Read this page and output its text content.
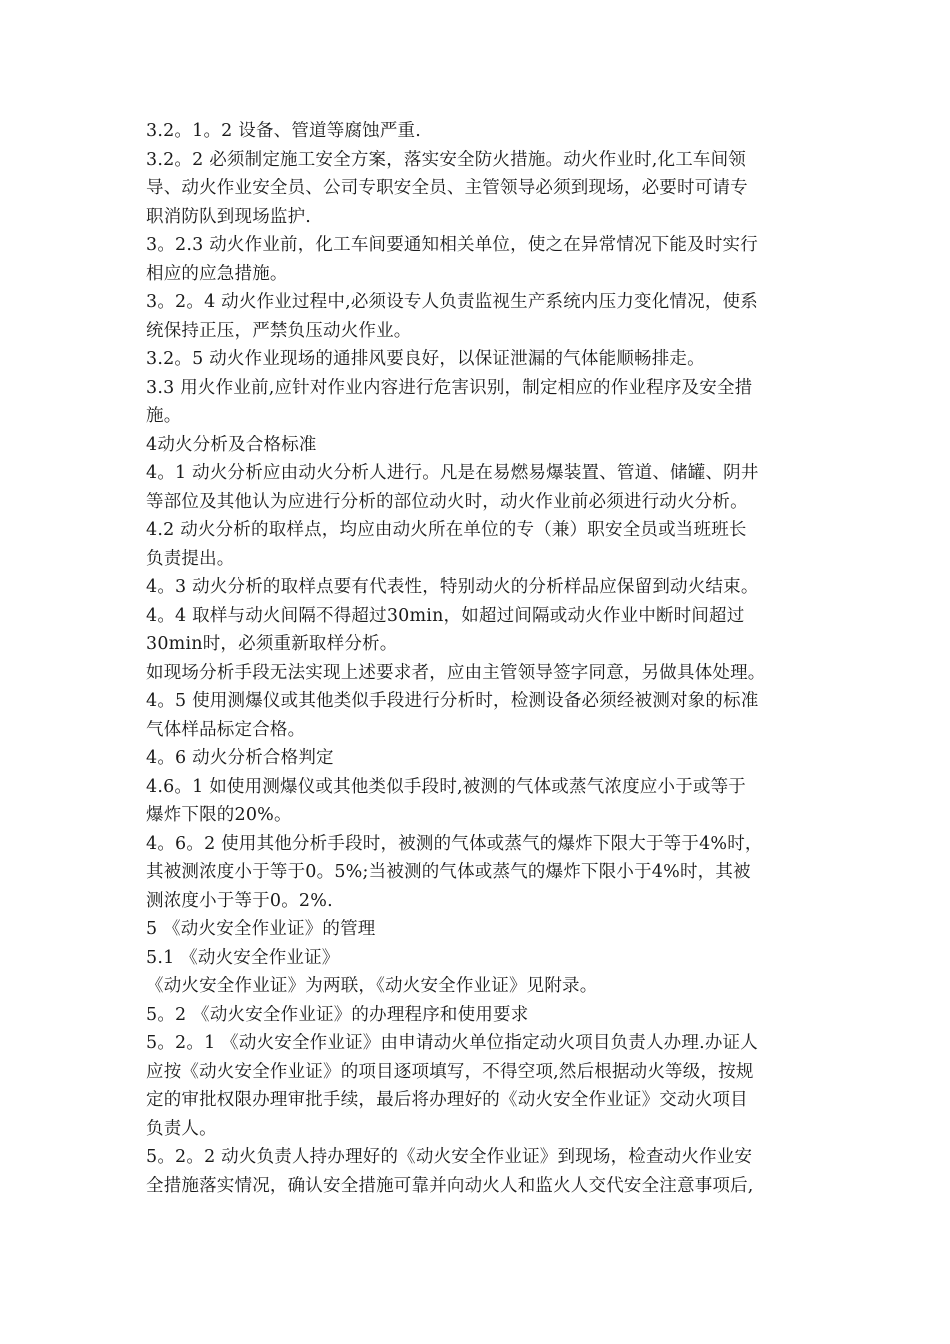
3.2。1。2 设备、管道等腐蚀严重.
3.2。2 必须制定施工安全方案，落实安全防火措施。动火作业时,化工车间领
导、动火作业安全员、公司专职安全员、主管领导必须到现场，必要时可请专
职消防队到现场监护.
3。2.3 动火作业前，化工车间要通知相关单位，使之在异常情况下能及时实行
相应的应急措施。
3。2。4 动火作业过程中,必须设专人负责监视生产系统内压力变化情况，使系
统保持正压，严禁负压动火作业。
3.2。5 动火作业现场的通排风要良好，以保证泄漏的气体能顺畅排走。
3.3 用火作业前,应针对作业内容进行危害识别，制定相应的作业程序及安全措
施。
4动火分析及合格标准
4。1 动火分析应由动火分析人进行。凡是在易燃易爆装置、管道、储罐、阴井
等部位及其他认为应进行分析的部位动火时，动火作业前必须进行动火分析。
4.2 动火分析的取样点，均应由动火所在单位的专（兼）职安全员或当班班长
负责提出。
4。3 动火分析的取样点要有代表性，特别动火的分析样品应保留到动火结束。
4。4 取样与动火间隔不得超过30min，如超过间隔或动火作业中断时间超过
30min时，必须重新取样分析。
如现场分析手段无法实现上述要求者，应由主管领导签字同意，另做具体处理。
4。5 使用测爆仪或其他类似手段进行分析时，检测设备必须经被测对象的标准
气体样品标定合格。
4。6 动火分析合格判定
4.6。1 如使用测爆仪或其他类似手段时,被测的气体或蒸气浓度应小于或等于
爆炸下限的20%。
4。6。2 使用其他分析手段时，被测的气体或蒸气的爆炸下限大于等于4%时，
其被测浓度小于等于0。5%;当被测的气体或蒸气的爆炸下限小于4%时，其被
测浓度小于等于0。2%.
5 《动火安全作业证》的管理
5.1 《动火安全作业证》
《动火安全作业证》为两联，《动火安全作业证》见附录。
5。2 《动火安全作业证》的办理程序和使用要求
5。2。1 《动火安全作业证》由申请动火单位指定动火项目负责人办理.办证人
应按《动火安全作业证》的项目逐项填写，不得空项,然后根据动火等级，按规
定的审批权限办理审批手续，最后将办理好的《动火安全作业证》交动火项目
负责人。
5。2。2 动火负责人持办理好的《动火安全作业证》到现场，检查动火作业安
全措施落实情况，确认安全措施可靠并向动火人和监火人交代安全注意事项后,
